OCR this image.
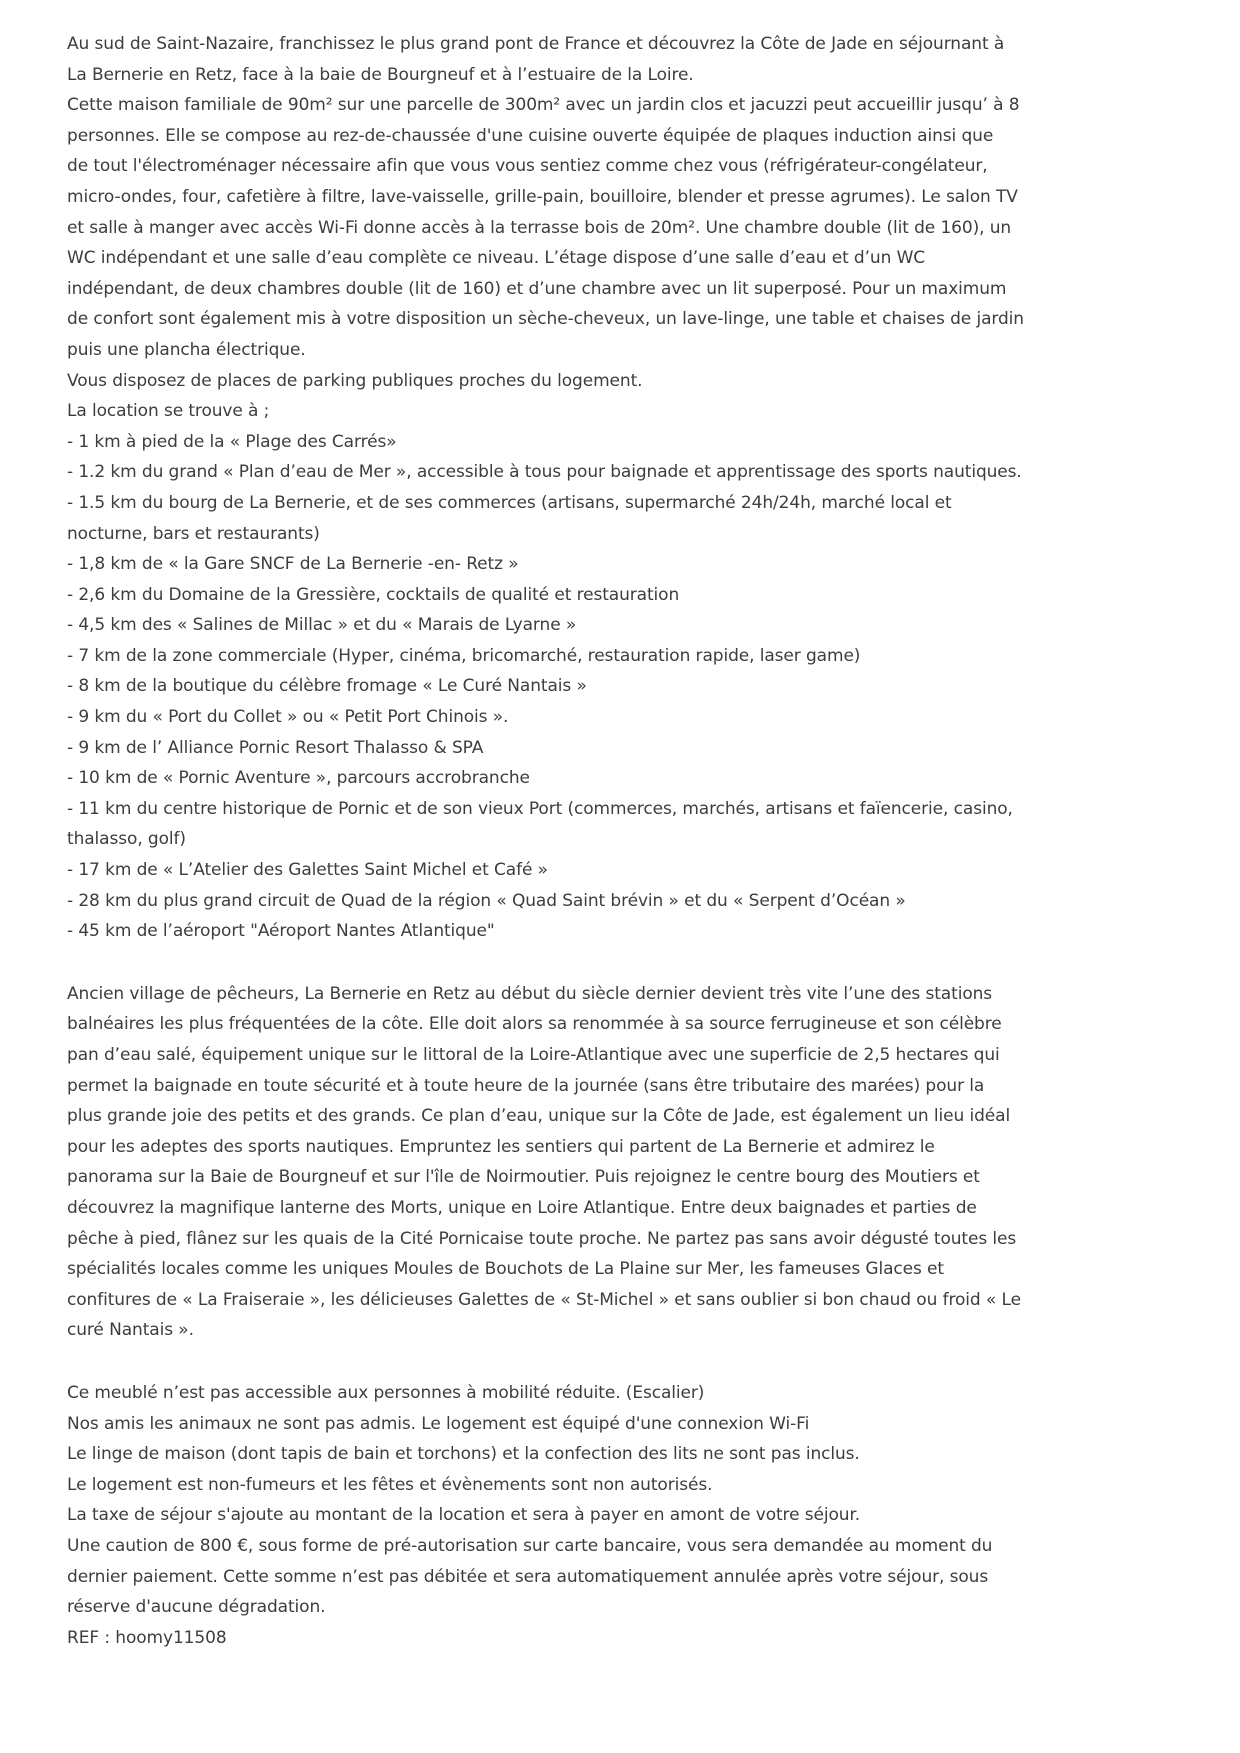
Au sud de Saint-Nazaire, franchissez le plus grand pont de France et découvrez la Côte de Jade en séjournant à
La Bernerie en Retz, face à la baie de Bourgneuf et à l’estuaire de la Loire.
Cette maison familiale de 90m² sur une parcelle de 300m² avec un jardin clos et jacuzzi peut accueillir jusqu’ à 8
personnes. Elle se compose au rez-de-chaussée d'une cuisine ouverte équipée de plaques induction ainsi que
de tout l'électroménager nécessaire afin que vous vous sentiez comme chez vous (réfrigérateur-congélateur,
micro-ondes, four, cafetière à filtre, lave-vaisselle, grille-pain, bouilloire, blender et presse agrumes). Le salon TV
et salle à manger avec accès Wi-Fi donne accès à la terrasse bois de 20m². Une chambre double (lit de 160), un
WC indépendant et une salle d’eau complète ce niveau. L’étage dispose d’une salle d’eau et d’un WC
indépendant, de deux chambres double (lit de 160) et d’une chambre avec un lit superposé. Pour un maximum
de confort sont également mis à votre disposition un sèche-cheveux, un lave-linge, une table et chaises de jardin
puis une plancha électrique.
Vous disposez de places de parking publiques proches du logement.
La location se trouve à ;
- 1 km à pied de la « Plage des Carrés»
- 1.2 km du grand « Plan d’eau de Mer », accessible à tous pour baignade et apprentissage des sports nautiques.
- 1.5 km du bourg de La Bernerie, et de ses commerces (artisans, supermarché 24h/24h, marché local et
nocturne, bars et restaurants)
- 1,8 km de « la Gare SNCF de La Bernerie -en- Retz »
- 2,6 km du Domaine de la Gressière, cocktails de qualité et restauration
- 4,5 km des « Salines de Millac » et du « Marais de Lyarne »
- 7 km de la zone commerciale (Hyper, cinéma, bricomarché, restauration rapide, laser game)
- 8 km de la boutique du célèbre fromage « Le Curé Nantais »
- 9 km du « Port du Collet » ou « Petit Port Chinois ».
- 9 km de l’ Alliance Pornic Resort Thalasso & SPA
- 10 km de « Pornic Aventure », parcours accrobranche
- 11 km du centre historique de Pornic et de son vieux Port (commerces, marchés, artisans et faïencerie, casino,
thalasso, golf)
- 17 km de « L’Atelier des Galettes Saint Michel et Café »
- 28 km du plus grand circuit de Quad de la région « Quad Saint brévin » et du « Serpent d’Océan »
- 45 km de l’aéroport "Aéroport Nantes Atlantique"
Ancien village de pêcheurs, La Bernerie en Retz au début du siècle dernier devient très vite l’une des stations
balnéaires les plus fréquentées de la côte. Elle doit alors sa renommée à sa source ferrugineuse et son célèbre
pan d’eau salé, équipement unique sur le littoral de la Loire-Atlantique avec une superficie de 2,5 hectares qui
permet la baignade en toute sécurité et à toute heure de la journée (sans être tributaire des marées) pour la
plus grande joie des petits et des grands. Ce plan d’eau, unique sur la Côte de Jade, est également un lieu idéal
pour les adeptes des sports nautiques. Empruntez les sentiers qui partent de La Bernerie et admirez le
panorama sur la Baie de Bourgneuf et sur l'île de Noirmoutier. Puis rejoignez le centre bourg des Moutiers et
découvrez la magnifique lanterne des Morts, unique en Loire Atlantique. Entre deux baignades et parties de
pêche à pied, flânez sur les quais de la Cité Pornicaise toute proche. Ne partez pas sans avoir dégusté toutes les
spécialités locales comme les uniques Moules de Bouchots de La Plaine sur Mer, les fameuses Glaces et
confitures de « La Fraiseraie », les délicieuses Galettes de « St-Michel » et sans oublier si bon chaud ou froid « Le
curé Nantais ».
Ce meublé n’est pas accessible aux personnes à mobilité réduite. (Escalier)
Nos amis les animaux ne sont pas admis. Le logement est équipé d'une connexion Wi-Fi
Le linge de maison (dont tapis de bain et torchons) et la confection des lits ne sont pas inclus.
Le logement est non-fumeurs et les fêtes et évènements sont non autorisés.
La taxe de séjour s'ajoute au montant de la location et sera à payer en amont de votre séjour.
Une caution de 800 €, sous forme de pré-autorisation sur carte bancaire, vous sera demandée au moment du
dernier paiement. Cette somme n’est pas débitée et sera automatiquement annulée après votre séjour, sous
réserve d'aucune dégradation.
REF : hoomy11508
